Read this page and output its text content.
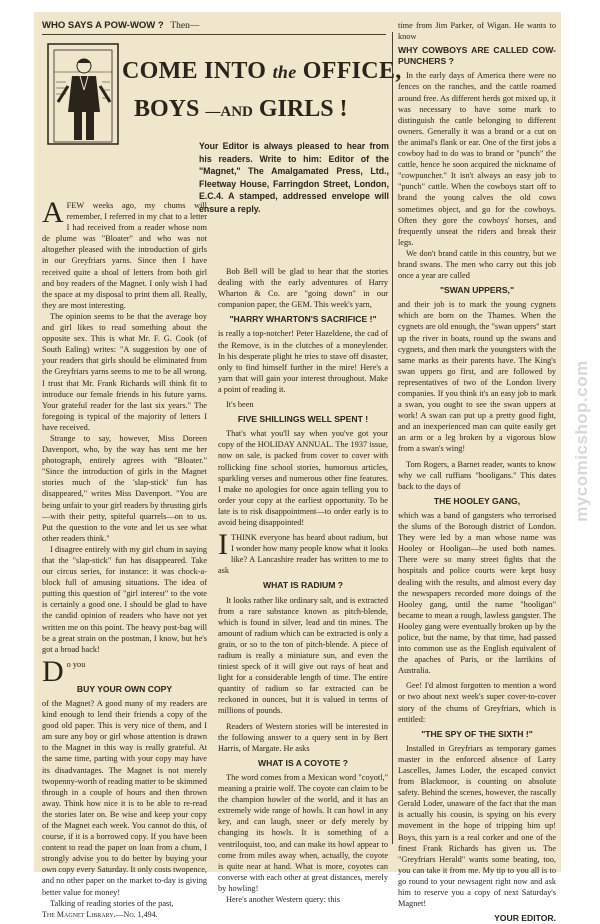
mycomicshop.com
WHO SAYS A POW-WOW ? Then—
COME INTO the OFFICE,
BOYS —AND GIRLS !
Your Editor is always pleased to hear from his readers. Write to him: Editor of the "Magnet," The Amalgamated Press, Ltd., Fleetway House, Farringdon Street, London, E.C.4. A stamped, addressed envelope will ensure a reply.

AFEW weeks ago, my chums will remember, I referred in my chat to a letter I had received from a reader whose nom de plume was "Bloater" and who was not altogether pleased with the introduction of girls in our Greyfriars yarns. Since then I have received quite a shoal of letters from both girl and boy readers of the Magnet. I only wish I had the space at my disposal to print them all. Really, they are most interesting.

The opinion seems to be that the average boy and girl likes to read something about the opposite sex. This is what Mr. F. G. Cook (of South Ealing) writes: "A suggestion by one of your readers that girls should be eliminated from the Greyfriars yarns seems to me to be all wrong. I trust that Mr. Frank Richards will think fit to introduce our female friends in his future yarns. Your grateful reader for the last six years." The foregoing is typical of the majority of letters I have received.

Strange to say, however, Miss Doreen Davenport, who, by the way has sent me her photograph, entirely agrees with "Bloater." "Since the introduction of girls in the Magnet stories much of the 'slap-stick' fun has disappeared," writes Miss Davenport. "You are being unfair to your girl readers by thrusting girls—with their petty, spiteful quarrels—on to us. Put the question to the vote and let us see what other readers think."

I disagree entirely with my girl chum in saying that the "slap-stick" fun has disappeared. Take our circus series, for instance: it was chock-a-block full of amusing situations. The idea of putting this question of "girl interest" to the vote is certainly a good one. I should be glad to have the candid opinion of readers who have not yet written me on this point. The heavy post-bag will be a great strain on the postman, I know, but he's got a broad back!

Do you

BUY YOUR OWN COPY

of the Magnet? A good many of my readers are kind enough to lend their friends a copy of the good old paper. This is very nice of them, and I am sure any boy or girl whose attention is drawn to the Magnet in this way is really grateful. At the same time, parting with your copy may have its disadvantages. The Magnet is not merely twopenny-worth of reading matter to be skimmed through in a couple of hours and then thrown away. Think how nice it is to be able to re-read the stories later on. Be wise and keep your copy of the Magnet each week. You cannot do this, of course, if it is a borrowed copy. If you have been content to read the paper on loan from a chum, I strongly advise you to do better by buying your own copy every Saturday. It only costs twopence, and no other paper on the market to-day is giving better value for money!

Talking of reading stories of the past,

The Magnet Library.—No. 1,494.

Bob Bell will be glad to hear that the stories dealing with the early adventures of Harry Wharton & Co. are "going down" in our companion paper, the GEM. This week's yarn,

"HARRY WHARTON'S SACRIFICE !"

is really a top-notcher! Peter Hazeldene, the cad of the Remove, is in the clutches of a moneylender. In his desperate plight he tries to stave off disaster, only to find himself further in the mire! Here's a yarn that will gain your interest throughout. Make a point of reading it.

It's been

FIVE SHILLINGS WELL SPENT !

That's what you'll say when you've got your copy of the HOLIDAY ANNUAL. The 1937 issue, now on sale, is packed from cover to cover with rollicking fine school stories, humorous articles, sparkling verses and numerous other fine features. I make no apologies for once again telling you to order your copy at the earliest opportunity. To be late is to risk disappointment—to order early is to avoid being disappointed!

ITHINK everyone has heard about radium, but I wonder how many people know what it looks like? A Lancashire reader has written to me to ask

WHAT IS RADIUM ?

It looks rather like ordinary salt, and is extracted from a rare substance known as pitch-blende, which is found in silver, lead and tin mines. The amount of radium which can be extracted is only a grain, or so to the ton of pitch-blende. A piece of radium is really a miniature sun, and even the tiniest speck of it will give out rays of heat and light for a considerable length of time. The entire quantity of radium so far extracted can be reckoned in ounces, but it is valued in terms of millions of pounds.

Readers of Western stories will be interested in the following answer to a query sent in by Bert Harris, of Margate. He asks

WHAT IS A COYOTE ?

The word comes from a Mexican word "coyotl," meaning a prairie wolf. The coyote can claim to be the champion howler of the world, and it has an extremely wide range of howls. It can howl in any key, and can laugh, sneer or defy merely by changing its howls. It is something of a ventriloquist, too, and can make its howl appear to come from miles away when, actually, the coyote is quite near at hand. What is more, coyotes can converse with each other at great distances, merely by howling!

Here's another Western query: this

time from Jim Parker, of Wigan. He wants to know

WHY COWBOYS ARE CALLED COW-PUNCHERS ?

In the early days of America there were no fences on the ranches, and the cattle roamed around free. As different herds got mixed up, it was necessary to have some mark to distinguish the cattle belonging to different owners. Generally it was a brand or a cut on the animal's flank or ear. One of the first jobs a cowboy had to do was to brand or "punch" the cattle, hence he soon acquired the nickname of "cowpuncher." It isn't always an easy job to "punch" cattle. When the cowboys start off to brand the young calves the old cows sometimes object, and go for the cowboys. Often they gore the cowboys' horses, and frequently unseat the riders and break their legs.

We don't brand cattle in this country, but we brand swans. The men who carry out this job once a year are called

"SWAN UPPERS,"

and their job is to mark the young cygnets which are born on the Thames. When the cygnets are old enough, the "swan uppers" start up the river in boats, round up the swans and cygnets, and then mark the youngsters with the same marks as their parents have. The King's swan uppers go first, and are followed by representatives of two of the London livery companies. If you think it's an easy job to mark a swan, you ought to see the swan uppers at work! A swan can put up a pretty good fight, and an inexperienced man can quite easily get an arm or a leg broken by a vigorous blow from a swan's wing!

Tom Rogers, a Barnet reader, wants to know why we call ruffians "hooligans." This dates back to the days of

THE HOOLEY GANG,

which was a band of gangsters who terrorised the slums of the Borough district of London. They were led by a man whose name was Hooley or Hooligan—he used both names. There were so many street fights that the hospitals and police courts were kept busy dealing with the results, and almost every day the newspapers recorded more doings of the Hooley gang, until the name "hooligan" became to mean a rough, lawless gangster. The Hooley gang were eventually broken up by the police, but the name, by that time, had passed into common use as the English equivalent of the apaches of Paris, or the larrikins of Australia.

Gee! I'd almost forgotten to mention a word or two about next week's super cover-to-cover story of the chums of Greyfriars, which is entitled:

"THE SPY OF THE SIXTH !"

Installed in Greyfriars as temporary games master in the enforced absence of Larry Lascelles, James Loder, the escaped convict from Blackmoor, is counting on absolute safety. Behind the scenes, however, the rascally Gerald Loder, unaware of the fact that the man is actually his cousin, is spying on his every movement in the hope of tripping him up! Boys, this yarn is a real corker and one of the finest Frank Richards has given us. The "Greyfriars Herald" wants some beating, too, you can take it from me. My tip to you all is to go round to your newsagent right now and ask him to reserve you a copy of next Saturday's Magnet!

YOUR EDITOR.
